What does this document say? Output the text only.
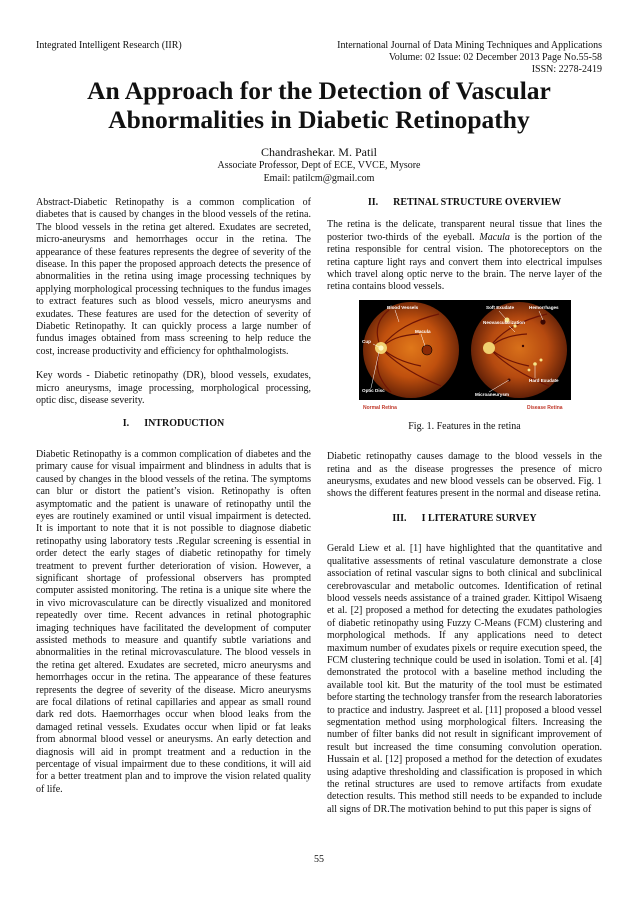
Integrated Intelligent Research (IIR)	International Journal of Data Mining Techniques and Applications
Volume: 02 Issue: 02 December 2013 Page No.55-58
ISSN: 2278-2419
An Approach for the Detection of Vascular Abnormalities in Diabetic Retinopathy
Chandrashekar. M. Patil
Associate Professor, Dept of ECE, VVCE, Mysore
Email: patilcm@gmail.com

Abstract-Diabetic Retinopathy is a common complication of diabetes that is caused by changes in the blood vessels of the retina. The blood vessels in the retina get altered. Exudates are secreted, micro-aneurysms and hemorrhages occur in the retina. The appearance of these features represents the degree of severity of the disease. In this paper the proposed approach detects the presence of abnormalities in the retina using image processing techniques by applying morphological processing techniques to the fundus images to extract features such as blood vessels, micro aneurysms and exudates. These features are used for the detection of severity of Diabetic Retinopathy. It can quickly process a large number of fundus images obtained from mass screening to help reduce the cost, increase productivity and efficiency for ophthalmologists.

Key words - Diabetic retinopathy (DR), blood vessels, exudates, micro aneurysms, image processing, morphological processing, optic disc, disease severity.

I. INTRODUCTION

Diabetic Retinopathy is a common complication of diabetes and the primary cause for visual impairment and blindness in adults that is caused by changes in the blood vessels of the retina. The symptoms can blur or distort the patient’s vision. Retinopathy is often asymptomatic and the patient is unaware of retinopathy until the eyes are routinely examined or until visual impairment is detected. It is important to note that it is not possible to diagnose diabetic retinopathy using laboratory tests .Regular screening is essential in order detect the early stages of diabetic retinopathy for timely treatment to prevent further deterioration of vision. However, a significant shortage of professional observers has prompted computer assisted monitoring. The retina is a unique site where the in vivo microvasculature can be directly visualized and monitored repeatedly over time. Recent advances in retinal photographic imaging techniques have facilitated the development of computer assisted methods to measure and quantify subtle variations and abnormalities in the retinal microvasculature. The blood vessels in the retina get altered. Exudates are secreted, micro aneurysms and hemorrhages occur in the retina. The appearance of these features represents the degree of severity of the disease. Micro aneurysms are focal dilations of retinal capillaries and appear as small round dark red dots. Haemorrhages occur when blood leaks from the damaged retinal vessels. Exudates occur when lipid or fat leaks from abnormal blood vessel or aneurysms. An early detection and diagnosis will aid in prompt treatment and a reduction in the percentage of visual impairment due to these conditions, it will aid for a better treatment plan and to improve the vision related quality of life.

II. RETINAL STRUCTURE OVERVIEW

The retina is the delicate, transparent neural tissue that lines the posterior two-thirds of the eyeball. Macula is the portion of the retina responsible for central vision. The photoreceptors on the retina capture light rays and convert them into electrical impulses which travel along optic nerve to the brain. The nerve layer of the retina contains blood vessels.

Blood Vessels
Macula
Cup
Optic Disc
Soft Exudate	Hemorrhages
Neovascularization
Hard Exudate
Microaneurysm
Normal Retina	Disease Retina
Fig. 1. Features in the retina

Diabetic retinopathy causes damage to the blood vessels in the retina and as the disease progresses the presence of micro aneurysms, exudates and new blood vessels can be observed. Fig. 1 shows the different features present in the normal and disease retina.

III. I LITERATURE SURVEY

Gerald Liew et al. [1] have highlighted that the quantitative and qualitative assessments of retinal vasculature demonstrate a close association of retinal vascular signs to both clinical and subclinical cerebrovascular and metabolic outcomes. Identification of retinal blood vessels needs assistance of a trained grader. Kittipol Wisaeng et al. [2] proposed a method for detecting the exudates pathologies of diabetic retinopathy using Fuzzy C-Means (FCM) clustering and morphological methods. If any applications need to detect maximum number of exudates pixels or require execution speed, the FCM clustering technique could be used in isolation. Tomi et al. [4] demonstrated the protocol with a baseline method including the available tool kit. But the maturity of the tool must be estimated before starting the technology transfer from the research laboratories to practice and industry. Jaspreet et al. [11] proposed a blood vessel segmentation method using morphological filters. Increasing the number of filter banks did not result in significant improvement of result but increased the time consuming convolution operation. Hussain et al. [12] proposed a method for the detection of exudates using adaptive thresholding and classification is proposed in which the retinal structures are used to remove artifacts from exudate detection results. This method still needs to be expanded to include all signs of DR.The motivation behind to put this paper is signs of

55
